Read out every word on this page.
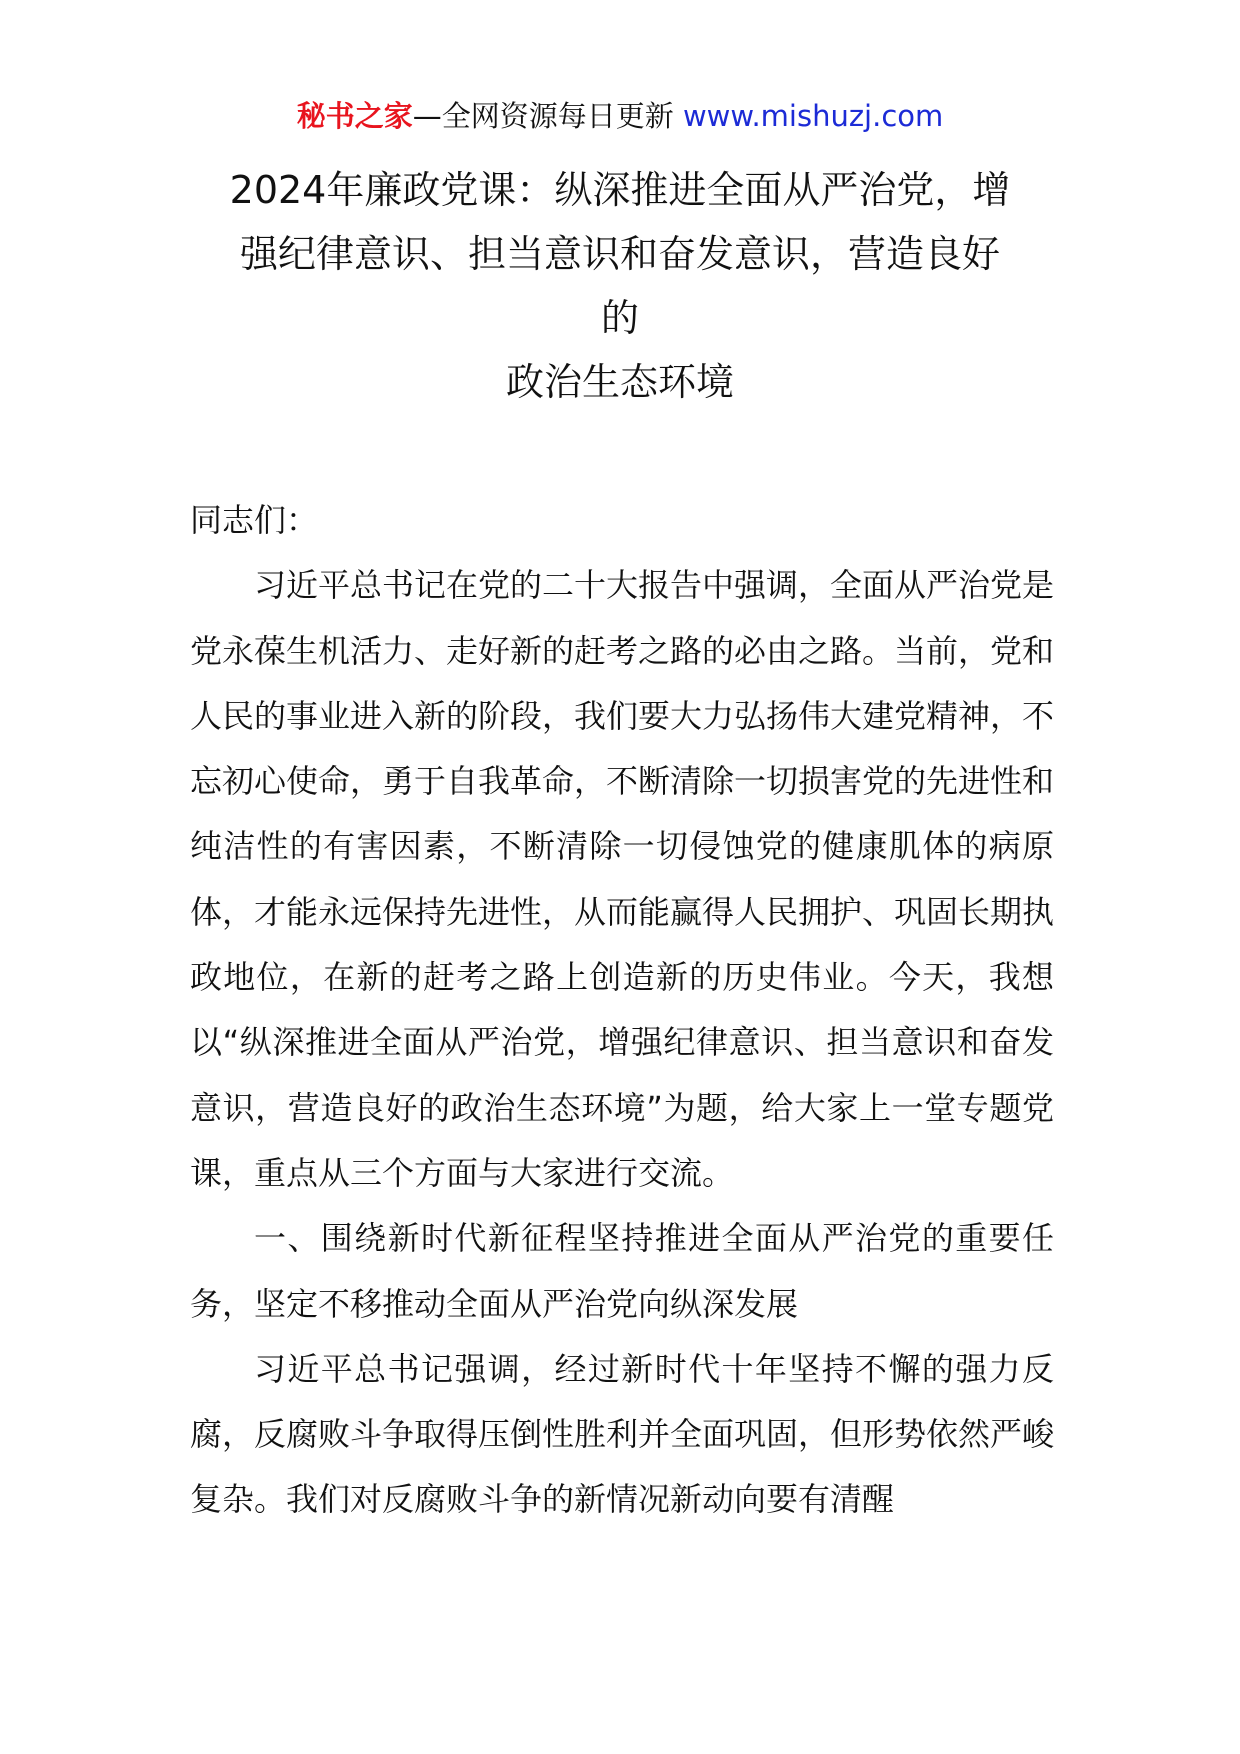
秘书之家—全网资源每日更新 www.mishuzj.com
2024年廉政党课：纵深推进全面从严治党，增
强纪律意识、担当意识和奋发意识，营造良好
的
政治生态环境

同志们：

习近平总书记在党的二十大报告中强调，全面从严治党是党永葆生机活力、走好新的赶考之路的必由之路。当前，党和人民的事业进入新的阶段，我们要大力弘扬伟大建党精神，不忘初心使命，勇于自我革命，不断清除一切损害党的先进性和纯洁性的有害因素，不断清除一切侵蚀党的健康肌体的病原体，才能永远保持先进性，从而能赢得人民拥护、巩固长期执政地位，在新的赶考之路上创造新的历史伟业。今天，我想以“纵深推进全面从严治党，增强纪律意识、担当意识和奋发意识，营造良好的政治生态环境”为题，给大家上一堂专题党课，重点从三个方面与大家进行交流。

一、围绕新时代新征程坚持推进全面从严治党的重要任务，坚定不移推动全面从严治党向纵深发展

习近平总书记强调，经过新时代十年坚持不懈的强力反腐，反腐败斗争取得压倒性胜利并全面巩固，但形势依然严峻复杂。我们对反腐败斗争的新情况新动向要有清醒
